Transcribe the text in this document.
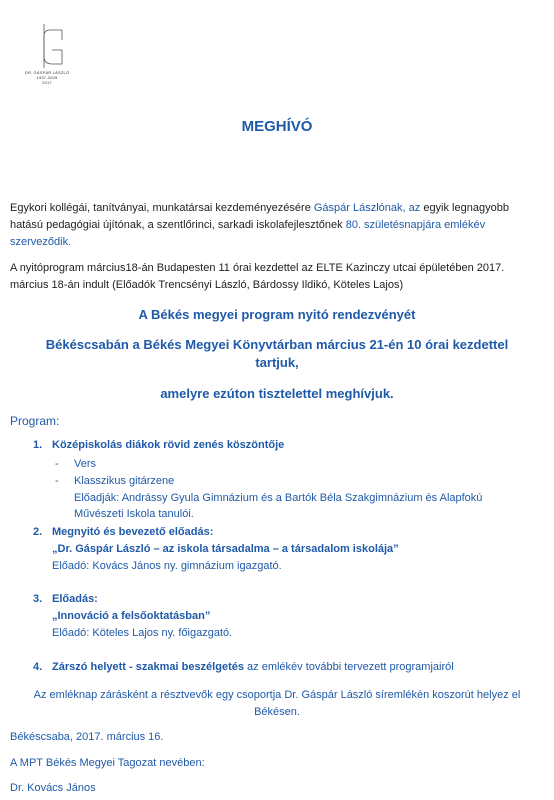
DR. GÁSPÁR LÁSZLÓ
1937-2005
2017
MEGHÍVÓ
Egykori kollégái, tanítványai, munkatársai kezdeményezésére Gáspár Lászlónak, az egyik legnagyobb
hatású pedagógiai újítónak, a szentlőrinci, sarkadi iskolafejlesztőnek 80. születésnapjára emlékév
szerveződik.
A nyitóprogram március18-án Budapesten 11 órai kezdettel az ELTE Kazinczy utcai épületében 2017.
március 18-án indult (Előadók Trencsényi László, Bárdossy Ildikó, Köteles Lajos)
A Békés megyei program nyitó rendezvényét
Békéscsabán a Békés Megyei Könyvtárban március 21-én 10 órai kezdettel
tartjuk,
amelyre ezúton tisztelettel meghívjuk.
Program:
1. Középiskolás diákok rövid zenés köszöntője
- Vers
- Klasszikus gitárzene
Előadják: Andrássy Gyula Gimnázium és a Bartók Béla Szakgimnázium és Alapfokú
Művészeti Iskola tanulói.
2. Megnyitó és bevezető előadás:
„Dr. Gáspár László – az iskola társadalma – a társadalom iskolája”
Előadó: Kovács János ny. gimnázium igazgató.
3. Előadás:
„Innováció a felsőoktatásban”
Előadó: Köteles Lajos ny. főigazgató.
4. Zárszó helyett - szakmai beszélgetés az emlékév további tervezett programjairól
Az emléknap zárásként a résztvevők egy csoportja Dr. Gáspár László síremlékén koszorút helyez el
Békésen.
Békéscsaba, 2017. március 16.
A MPT Békés Megyei Tagozat nevében:
Dr. Kovács János
